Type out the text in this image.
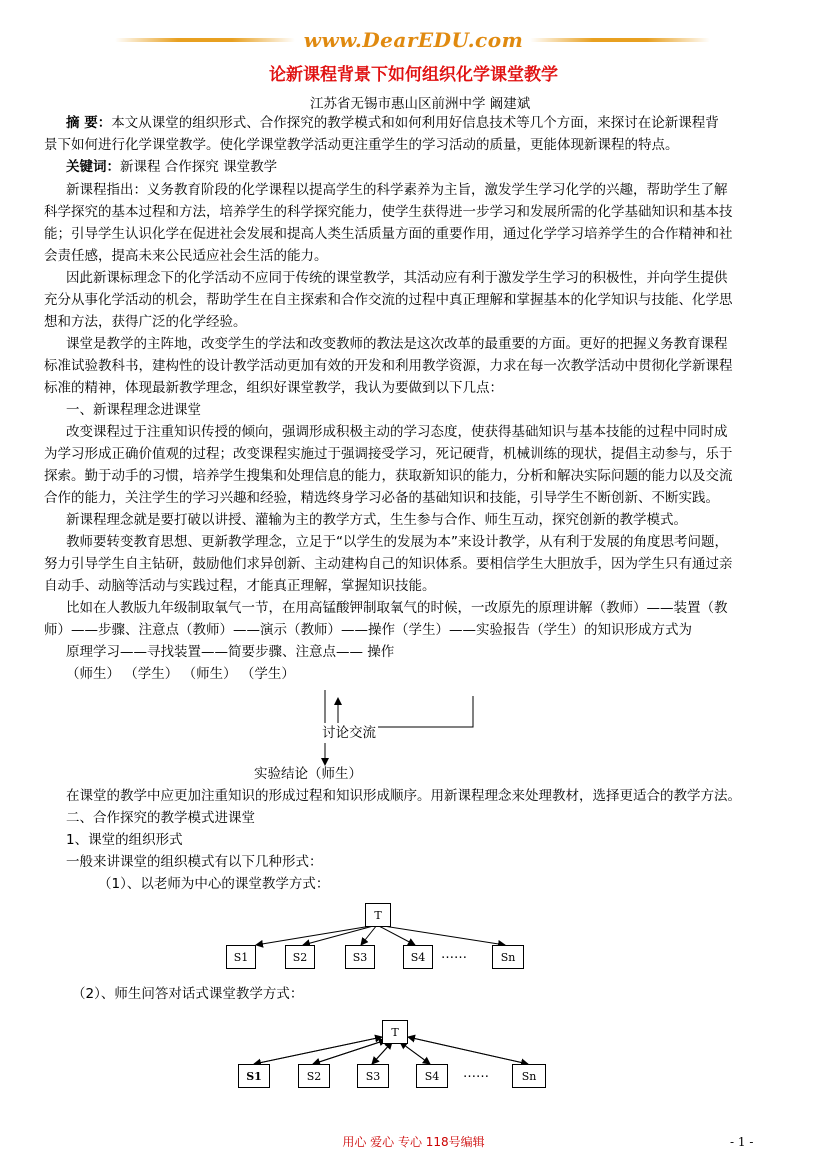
www.DearEDU.com
论新课程背景下如何组织化学课堂教学
江苏省无锡市惠山区前洲中学 阚建斌
摘 要：本文从课堂的组织形式、合作探究的教学模式和如何利用好信息技术等几个方面，来探讨在论新课程背
景下如何进行化学课堂教学。使化学课堂教学活动更注重学生的学习活动的质量，更能体现新课程的特点。
关键词：新课程 合作探究 课堂教学
新课程指出：义务教育阶段的化学课程以提高学生的科学素养为主旨，激发学生学习化学的兴趣，帮助学生了解
科学探究的基本过程和方法，培养学生的科学探究能力，使学生获得进一步学习和发展所需的化学基础知识和基本技
能；引导学生认识化学在促进社会发展和提高人类生活质量方面的重要作用，通过化学学习培养学生的合作精神和社
会责任感，提高未来公民适应社会生活的能力。
因此新课标理念下的化学活动不应同于传统的课堂教学，其活动应有利于激发学生学习的积极性，并向学生提供
充分从事化学活动的机会，帮助学生在自主探索和合作交流的过程中真正理解和掌握基本的化学知识与技能、化学思
想和方法，获得广泛的化学经验。
课堂是教学的主阵地，改变学生的学法和改变教师的教法是这次改革的最重要的方面。更好的把握义务教育课程
标准试验教科书，建构性的设计教学活动更加有效的开发和利用教学资源，力求在每一次教学活动中贯彻化学新课程
标准的精神，体现最新教学理念，组织好课堂教学，我认为要做到以下几点：
一、新课程理念进课堂
改变课程过于注重知识传授的倾向，强调形成积极主动的学习态度，使获得基础知识与基本技能的过程中同时成
为学习形成正确价值观的过程；改变课程实施过于强调接受学习，死记硬背，机械训练的现状，提倡主动参与，乐于
探索。勤于动手的习惯，培养学生搜集和处理信息的能力，获取新知识的能力，分析和解决实际问题的能力以及交流
合作的能力，关注学生的学习兴趣和经验，精选终身学习必备的基础知识和技能，引导学生不断创新、不断实践。
新课程理念就是要打破以讲授、灌输为主的教学方式，生生参与合作、师生互动，探究创新的教学模式。
教师要转变教育思想、更新教学理念，立足于“以学生的发展为本”来设计教学，从有利于发展的角度思考问题，
努力引导学生自主钻研，鼓励他们求异创新、主动建构自己的知识体系。要相信学生大胆放手，因为学生只有通过亲
自动手、动脑等活动与实践过程，才能真正理解，掌握知识技能。
比如在人教版九年级制取氧气一节，在用高锰酸钾制取氧气的时候，一改原先的原理讲解（教师）——装置（教
师）——步骤、注意点（教师）——演示（教师）——操作（学生）——实验报告（学生）的知识形成方式为
原理学习——寻找装置——简要步骤、注意点—— 操作
（师生） （学生） （师生） （学生）
讨论交流
实验结论（师生）
在课堂的教学中应更加注重知识的形成过程和知识形成顺序。用新课程理念来处理教材，选择更适合的教学方法。
二、合作探究的教学模式进课堂
1、课堂的组织形式
一般来讲课堂的组织模式有以下几种形式：
（1）、以老师为中心的课堂教学方式：
T
S1	S2	S3	S4	……	Sn
（2）、师生问答对话式课堂教学方式：
T
S1	S2	S3	S4	……	Sn
用心 爱心 专心 118号编辑	- 1 -
